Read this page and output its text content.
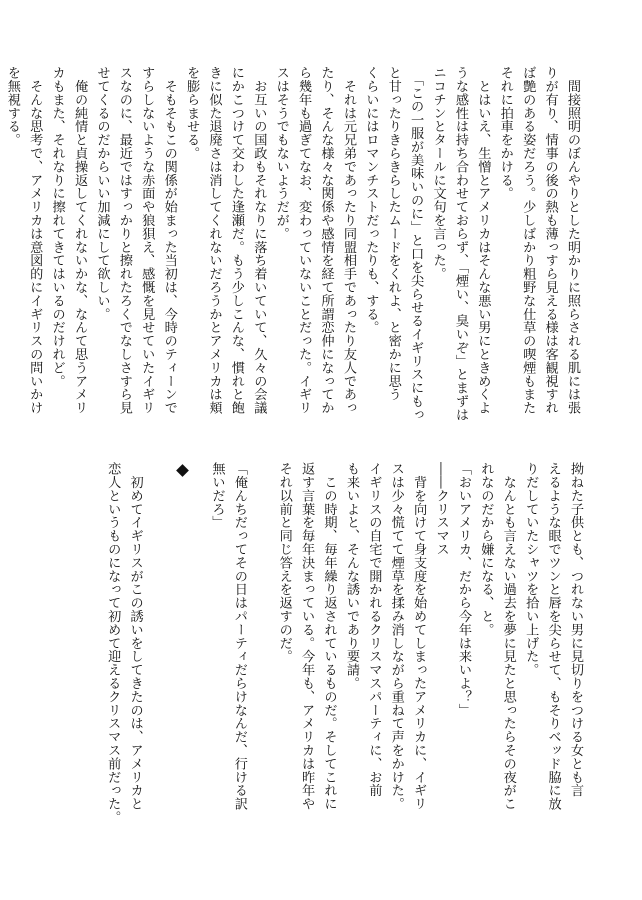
　間接照明のぼんやりとした明かりに照らされる肌には張
りが有り、情事の後の熱も薄っすら見える様は客観視すれ
ば艶のある姿だろう。少しばかり粗野な仕草の喫煙もまた
それに拍車をかける。
　とはいえ、生憎とアメリカはそんな悪い男にときめくよ
うな感性は持ち合わせておらず、「煙い、臭いぞ」とまずは
ニコチンとタールに文句を言った。
　「この一服が美味いのに」と口を尖らせるイギリスにもっ
と甘ったりきらきらしたムードをくれよ、と密かに思う
くらいにはロマンチストだったりも、する。
　それは元兄弟であったり同盟相手であったり友人であっ
たり、そんな様々な関係や感情を経て所謂恋仲になってか
ら幾年も過ぎてなお、変わっていないことだった。イギリ
スはそうでもないようだが。
　お互いの国政もそれなりに落ち着いていて、久々の会議
にかこつけて交わした逢瀬だ。もう少しこんな、慣れと飽
きに似た退廃さは消してくれないだろうかとアメリカは頬
を膨らませる。
　そもそもこの関係が始まった当初は、今時のティーンで
すらしないような赤面や狼狽え、感慨を見せていたイギリ
スなのに、最近ではすっかりと擦れたろくでなしさすら見
せてくるのだからいい加減にして欲しい。
　俺の純情と貞操返してくれないかな、なんて思うアメリ
カもまた、それなりに擦れてきてはいるのだけれど。
　そんな思考で、アメリカは意図的にイギリスの問いかけ
を無視する。
拗ねた子供とも、つれない男に見切りをつける女とも言
えるような眼でツンと唇を尖らせて、もそりベッド脇に放
りだしていたシャツを拾い上げた。
　なんとも言えない過去を夢に見たと思ったらその夜がこ
れなのだから嫌になる、と。
「おいアメリカ、だから今年は来いよ？」
――クリスマス
　背を向けて身支度を始めてしまったアメリカに、イギリ
スは少々慌てて煙草を揉み消しながら重ねて声をかけた。
イギリスの自宅で開かれるクリスマスパーティに、お前
も来いよと、そんな誘いであり要請。
　この時期、毎年繰り返されているものだ。そしてこれに
返す言葉を毎年決まっている。今年も、アメリカは昨年や
それ以前と同じ答えを返すのだ。

「俺んちだってその日はパーティだらけなんだ、行ける訳
無いだろ」

　初めてイギリスがこの誘いをしてきたのは、アメリカと
恋人というものになって初めて迎えるクリスマス前だった。
